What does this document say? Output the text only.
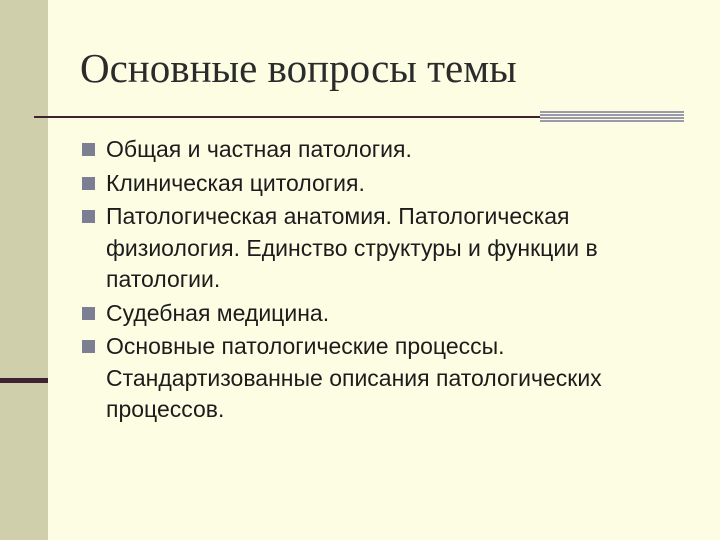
Основные вопросы темы
Общая и частная патология.
Клиническая цитология.
Патологическая анатомия. Патологическая физиология. Единство структуры и функции в патологии.
Судебная медицина.
Основные патологические процессы. Стандартизованные описания патологических процессов.
